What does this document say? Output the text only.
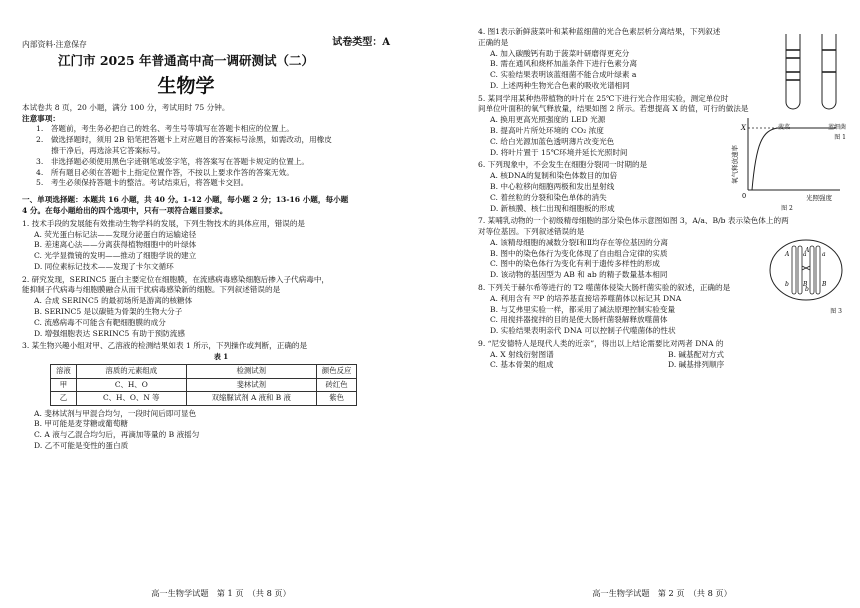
内部资料·注意保存	试卷类型：A
江门市 2025 年普通高中高一调研测试（二）
生物学
本试卷共 8 页，20 小题，满分 100 分，考试用时 75 分钟。
注意事项：
1.　答题前，考生务必把自己的姓名、考生号等填写在答题卡相应的位置上。
2.　做选择题时，须用 2B 铅笔把答题卡上对应题目的答案标号涂黑，如需改动，用橡皮
　　擦干净后，再选涂其它答案标号。
3.　非选择题必须使用黑色字迹钢笔或签字笔，将答案写在答题卡规定的位置上。
4.　所有题目必须在答题卡上指定位置作答，不按以上要求作答的答案无效。
5.　考生必须保持答题卡的整洁。考试结束后，将答题卡交回。
一、单项选择题：本题共 16 小题，共 40 分。1-12 小题，每小题 2 分；13-16 小题，每小题
4 分。在每小题给出的四个选项中，只有一项符合题目要求。
1. 技术手段的发展能有效推动生物学科的发展，下列生物技术的具体应用，错误的是
A. 荧光蛋白标记法——发现分泌蛋白的运输途径
B. 差速离心法——分离获得植物细胞中的叶绿体
C. 光学显微镜的发明——推动了细胞学说的建立
D. 同位素标记技术——发现了卡尔文循环
2. 研究发现，SERINC5 蛋白主要定位在细胞膜，在流感病毒感染细胞后掺入子代病毒中，
能抑制子代病毒与细胞膜融合从而干扰病毒感染新的细胞。下列叙述错误的是
A. 合成 SERINC5 的最初场所是游离的核糖体
B. SERINC5 是以碳链为骨架的生物大分子
C. 流感病毒不可能含有靶细胞膜的成分
D. 增强细胞表达 SERINC5 有助于预防流感
3. 某生物兴趣小组对甲、乙溶液的检测结果如表 1 所示，下列操作或判断，正确的是
表 1
溶液	溶质的元素组成	检测试剂	颜色反应
甲	C、H、O	斐林试剂	砖红色
乙	C、H、O、N 等	双缩脲试剂 A 液和 B 液	紫色
A. 斐林试剂与甲混合均匀，一段时间后即可显色
B. 甲可能是麦芽糖或葡萄糖
C. A 液与乙混合均匀后，再滴加等量的 B 液摇匀
D. 乙不可能是变性的蛋白质
高一生物学试题　第 1 页　（共 8 页）
4. 图1表示新鲜菠菜叶和某种蓝细菌的光合色素层析分离结果，下列叙述
正确的是
A. 加入碳酸钙有助于菠菜叶研磨得更充分
B. 需在通风和烧杯加盖条件下进行色素分离
C. 实验结果表明该蓝细菌不能合成叶绿素 a
D. 上述两种生物光合色素的吸收光谱相同
菠菜	蓝细菌
图 1
5. 某同学用某种热带植物的叶片在 25℃下进行光合作用实验，测定单位时
间单位叶面积的氧气释放量，结果如图 2 所示。若想提高 X 的值，可行的做法是
A. 换用更高光照强度的 LED 光源
B. 提高叶片所处环境的 CO₂ 浓度
C. 给白光源加蓝色透明薄片改变光色
D. 将叶片置于 15℃环境并延长光照时间	氧气释放速率
0
X
光照强度
图 2
6. 下列现象中，不会发生在细胞分裂同一时期的是
A. 核DNA的复制和染色体数目的加倍
B. 中心粒移向细胞两极和发出星射线
C. 着丝粒的分裂和染色单体的消失
D. 新核膜、核仁出现和细胞板的形成
7. 某哺乳动物的一个初级精母细胞的部分染色体示意图如图 3，A/a、B/b 表示染色体上的两
对等位基因。下列叙述错误的是
A. 该精母细胞的减数分裂Ⅰ和Ⅱ均存在等位基因的分离
B. 图中的染色体行为变化体现了自由组合定律的实质
C. 图中的染色体行为变化有利于遗传多样性的形成
D. 该动物的基因型为 AB 和 ab 的精子数量基本相同
A a
A
a
b B
b
B
图 3
8. 下列关于赫尔希等进行的 T2 噬菌体侵染大肠杆菌实验的叙述，正确的是
A. 利用含有 ³²P 的培养基直接培养噬菌体以标记其 DNA
B. 与艾弗里实验一样，都采用了减法原理控制实验变量
C. 用搅拌器搅拌的目的是使大肠杆菌裂解释放噬菌体
D. 实验结果表明亲代 DNA 可以控制子代噬菌体的性状
9. “尼安德特人是现代人类的近亲”，得出以上结论需要比对两者 DNA 的
A. X 射线衍射图谱	B. 碱基配对方式
C. 基本骨架的组成	D. 碱基排列顺序
高一生物学试题　第 2 页　（共 8 页）
